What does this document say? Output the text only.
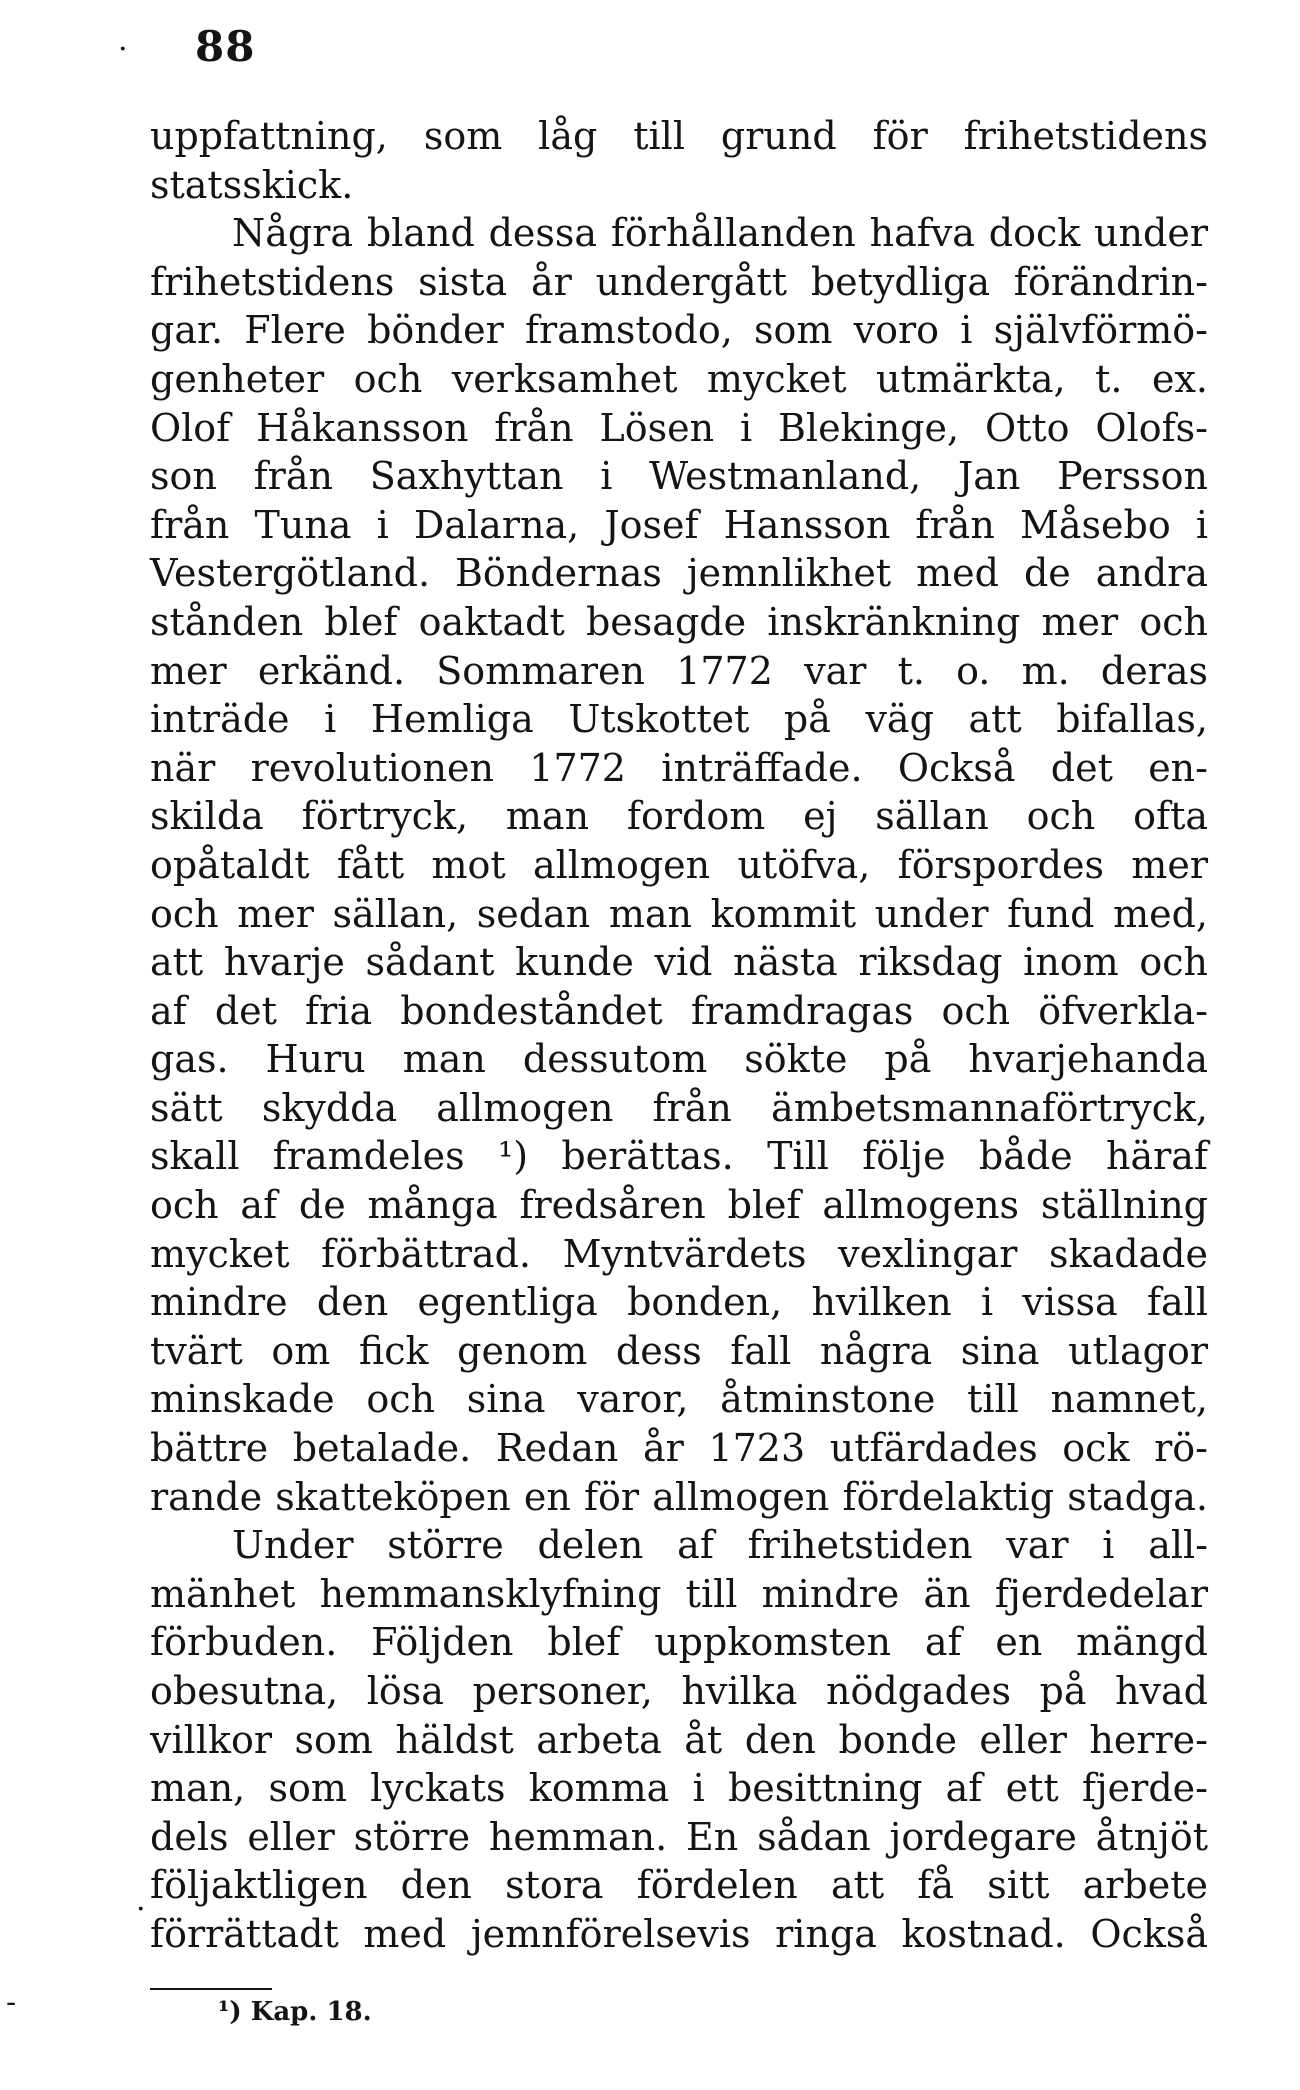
88
.
.
-
uppfattning, som låg till grund för frihetstidens
statsskick.
Några bland dessa förhållanden hafva dock under
frihetstidens sista år undergått betydliga förändrin-
gar. Flere bönder framstodo, som voro i självförmö-
genheter och verksamhet mycket utmärkta, t. ex.
Olof Håkansson från Lösen i Blekinge, Otto Olofs-
son från Saxhyttan i Westmanland, Jan Persson
från Tuna i Dalarna, Josef Hansson från Måsebo i
Vestergötland. Böndernas jemnlikhet med de andra
stånden blef oaktadt besagde inskränkning mer och
mer erkänd. Sommaren 1772 var t. o. m. deras
inträde i Hemliga Utskottet på väg att bifallas,
när revolutionen 1772 inträffade. Också det en-
skilda förtryck, man fordom ej sällan och ofta
opåtaldt fått mot allmogen utöfva, förspordes mer
och mer sällan, sedan man kommit under fund med,
att hvarje sådant kunde vid nästa riksdag inom och
af det fria bondeståndet framdragas och öfverkla-
gas. Huru man dessutom sökte på hvarjehanda
sätt skydda allmogen från ämbetsmannaförtryck,
skall framdeles ¹) berättas. Till följe både häraf
och af de många fredsåren blef allmogens ställning
mycket förbättrad. Myntvärdets vexlingar skadade
mindre den egentliga bonden, hvilken i vissa fall
tvärt om fick genom dess fall några sina utlagor
minskade och sina varor, åtminstone till namnet,
bättre betalade. Redan år 1723 utfärdades ock rö-
rande skatteköpen en för allmogen fördelaktig stadga.
Under större delen af frihetstiden var i all-
mänhet hemmansklyfning till mindre än fjerdedelar
förbuden. Följden blef uppkomsten af en mängd
obesutna, lösa personer, hvilka nödgades på hvad
villkor som häldst arbeta åt den bonde eller herre-
man, som lyckats komma i besittning af ett fjerde-
dels eller större hemman. En sådan jordegare åtnjöt
följaktligen den stora fördelen att få sitt arbete
förrättadt med jemnförelsevis ringa kostnad. Också
¹) Kap. 18.
